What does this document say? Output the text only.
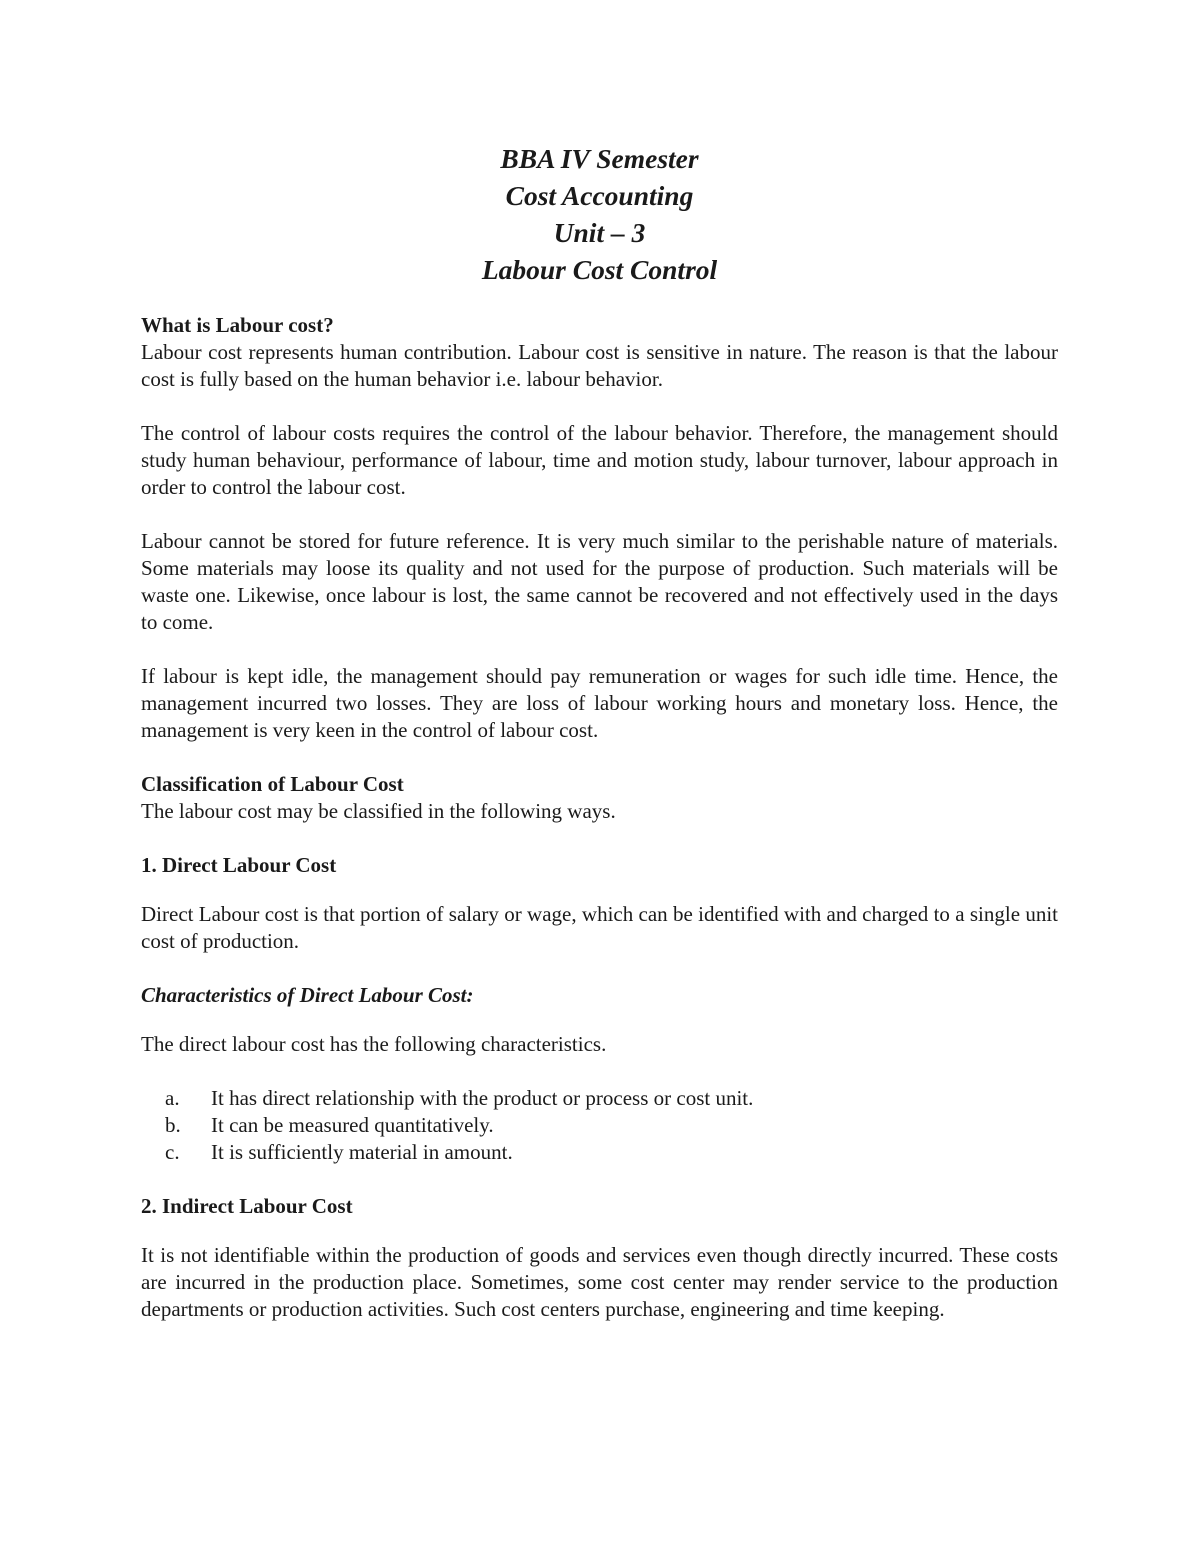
BBA IV Semester
Cost Accounting
Unit – 3
Labour Cost Control
What is Labour cost?

Labour cost represents human contribution. Labour cost is sensitive in nature. The reason is that the labour cost is fully based on the human behavior i.e. labour behavior.

The control of labour costs requires the control of the labour behavior. Therefore, the management should study human behaviour, performance of labour, time and motion study, labour turnover, labour approach in order to control the labour cost.

Labour cannot be stored for future reference. It is very much similar to the perishable nature of materials. Some materials may loose its quality and not used for the purpose of production. Such materials will be waste one. Likewise, once labour is lost, the same cannot be recovered and not effectively used in the days to come.

If labour is kept idle, the management should pay remuneration or wages for such idle time. Hence, the management incurred two losses. They are loss of labour working hours and monetary loss. Hence, the management is very keen in the control of labour cost.

Classification of Labour Cost

The labour cost may be classified in the following ways.

1. Direct Labour Cost

Direct Labour cost is that portion of salary or wage, which can be identified with and charged to a single unit cost of production.

Characteristics of Direct Labour Cost:

The direct labour cost has the following characteristics.

a. It has direct relationship with the product or process or cost unit.
b. It can be measured quantitatively.
c. It is sufficiently material in amount.
2. Indirect Labour Cost

It is not identifiable within the production of goods and services even though directly incurred. These costs are incurred in the production place. Sometimes, some cost center may render service to the production departments or production activities. Such cost centers purchase, engineering and time keeping.
